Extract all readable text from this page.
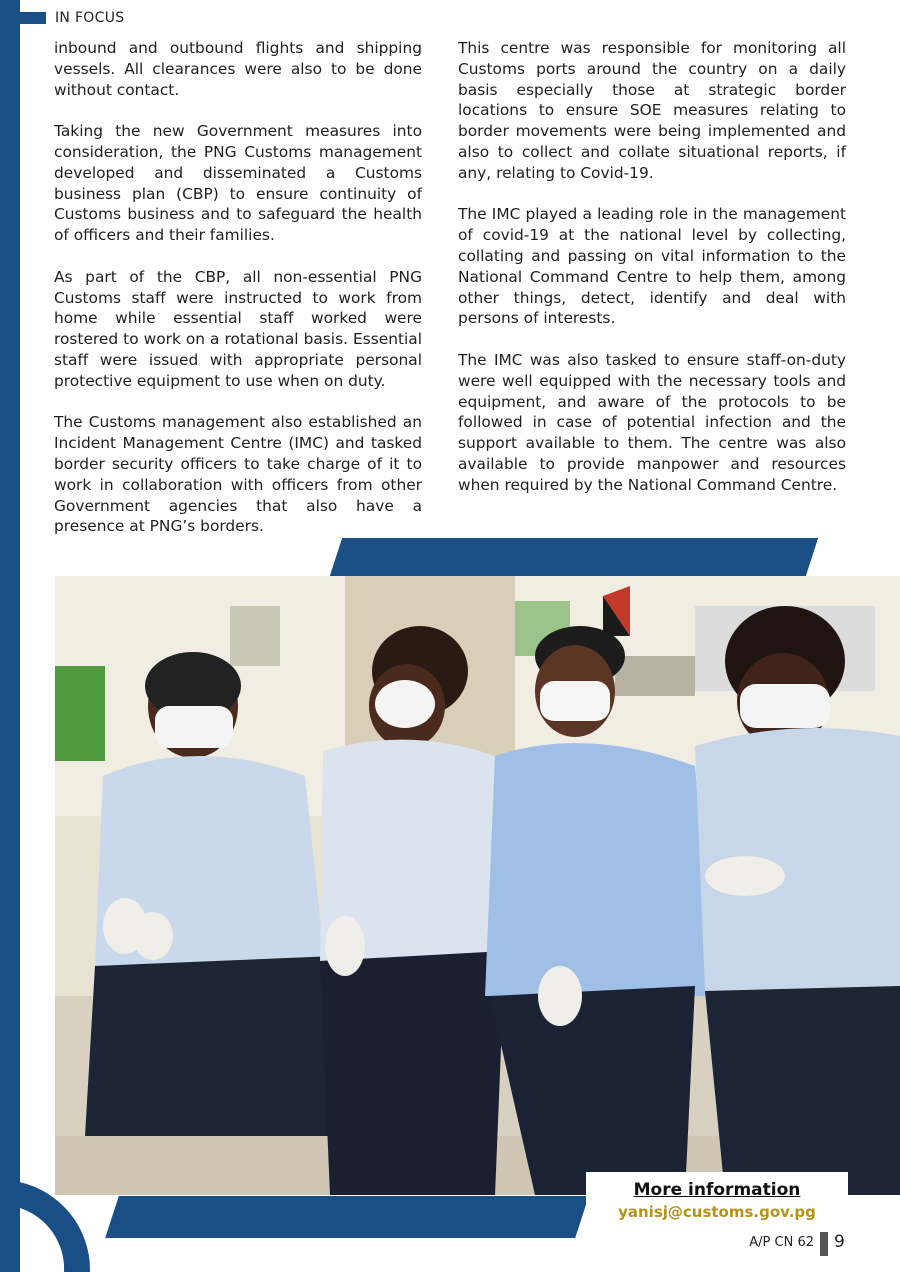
IN FOCUS

inbound and outbound flights and shipping vessels. All clearances were also to be done without contact.

Taking the new Government measures into consideration, the PNG Customs management developed and disseminated a Customs business plan (CBP) to ensure continuity of Customs business and to safeguard the health of officers and their families.

As part of the CBP, all non-essential PNG Customs staff were instructed to work from home while essential staff worked were rostered to work on a rotational basis. Essential staff were issued with appropriate personal protective equipment to use when on duty.

The Customs management also established an Incident Management Centre (IMC) and tasked border security officers to take charge of it to work in collaboration with officers from other Government agencies that also have a presence at PNG’s borders.

This centre was responsible for monitoring all Customs ports around the country on a daily basis especially those at strategic border locations to ensure SOE measures relating to border movements were being implemented and also to collect and collate situational reports, if any, relating to Covid-19.

The IMC played a leading role in the management of covid-19 at the national level by collecting, collating and passing on vital information to the National Command Centre to help them, among other things, detect, identify and deal with persons of interests.

The IMC was also tasked to ensure staff-on-duty were well equipped with the necessary tools and equipment, and aware of the protocols to be followed in case of potential infection and the support available to them. The centre was also available to provide manpower and resources when required by the National Command Centre.

More information
yanisj@customs.gov.pg
A/P CN 62 9
